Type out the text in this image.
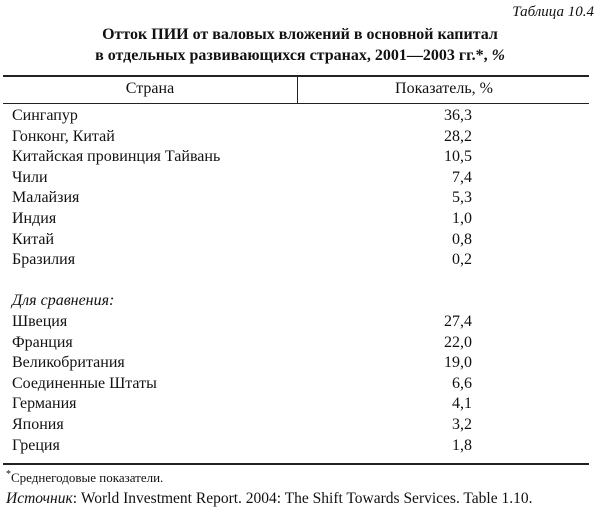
Таблица 10.4
Отток ПИИ от валовых вложений в основной капитал
в отдельных развивающихся странах, 2001—2003 гг.*, %
Страна	Показатель, %
Сингапур	36,3
Гонконг, Китай	28,2
Китайская провинция Тайвань	10,5
Чили	7,4
Малайзия	5,3
Индия	1,0
Китай	0,8
Бразилия	0,2
Для сравнения:
Швеция	27,4
Франция	22,0
Великобритания	19,0
Соединенные Штаты	6,6
Германия	4,1
Япония	3,2
Греция	1,8
*Среднегодовые показатели.
Источник: World Investment Report. 2004: The Shift Towards Services. Table 1.10.
